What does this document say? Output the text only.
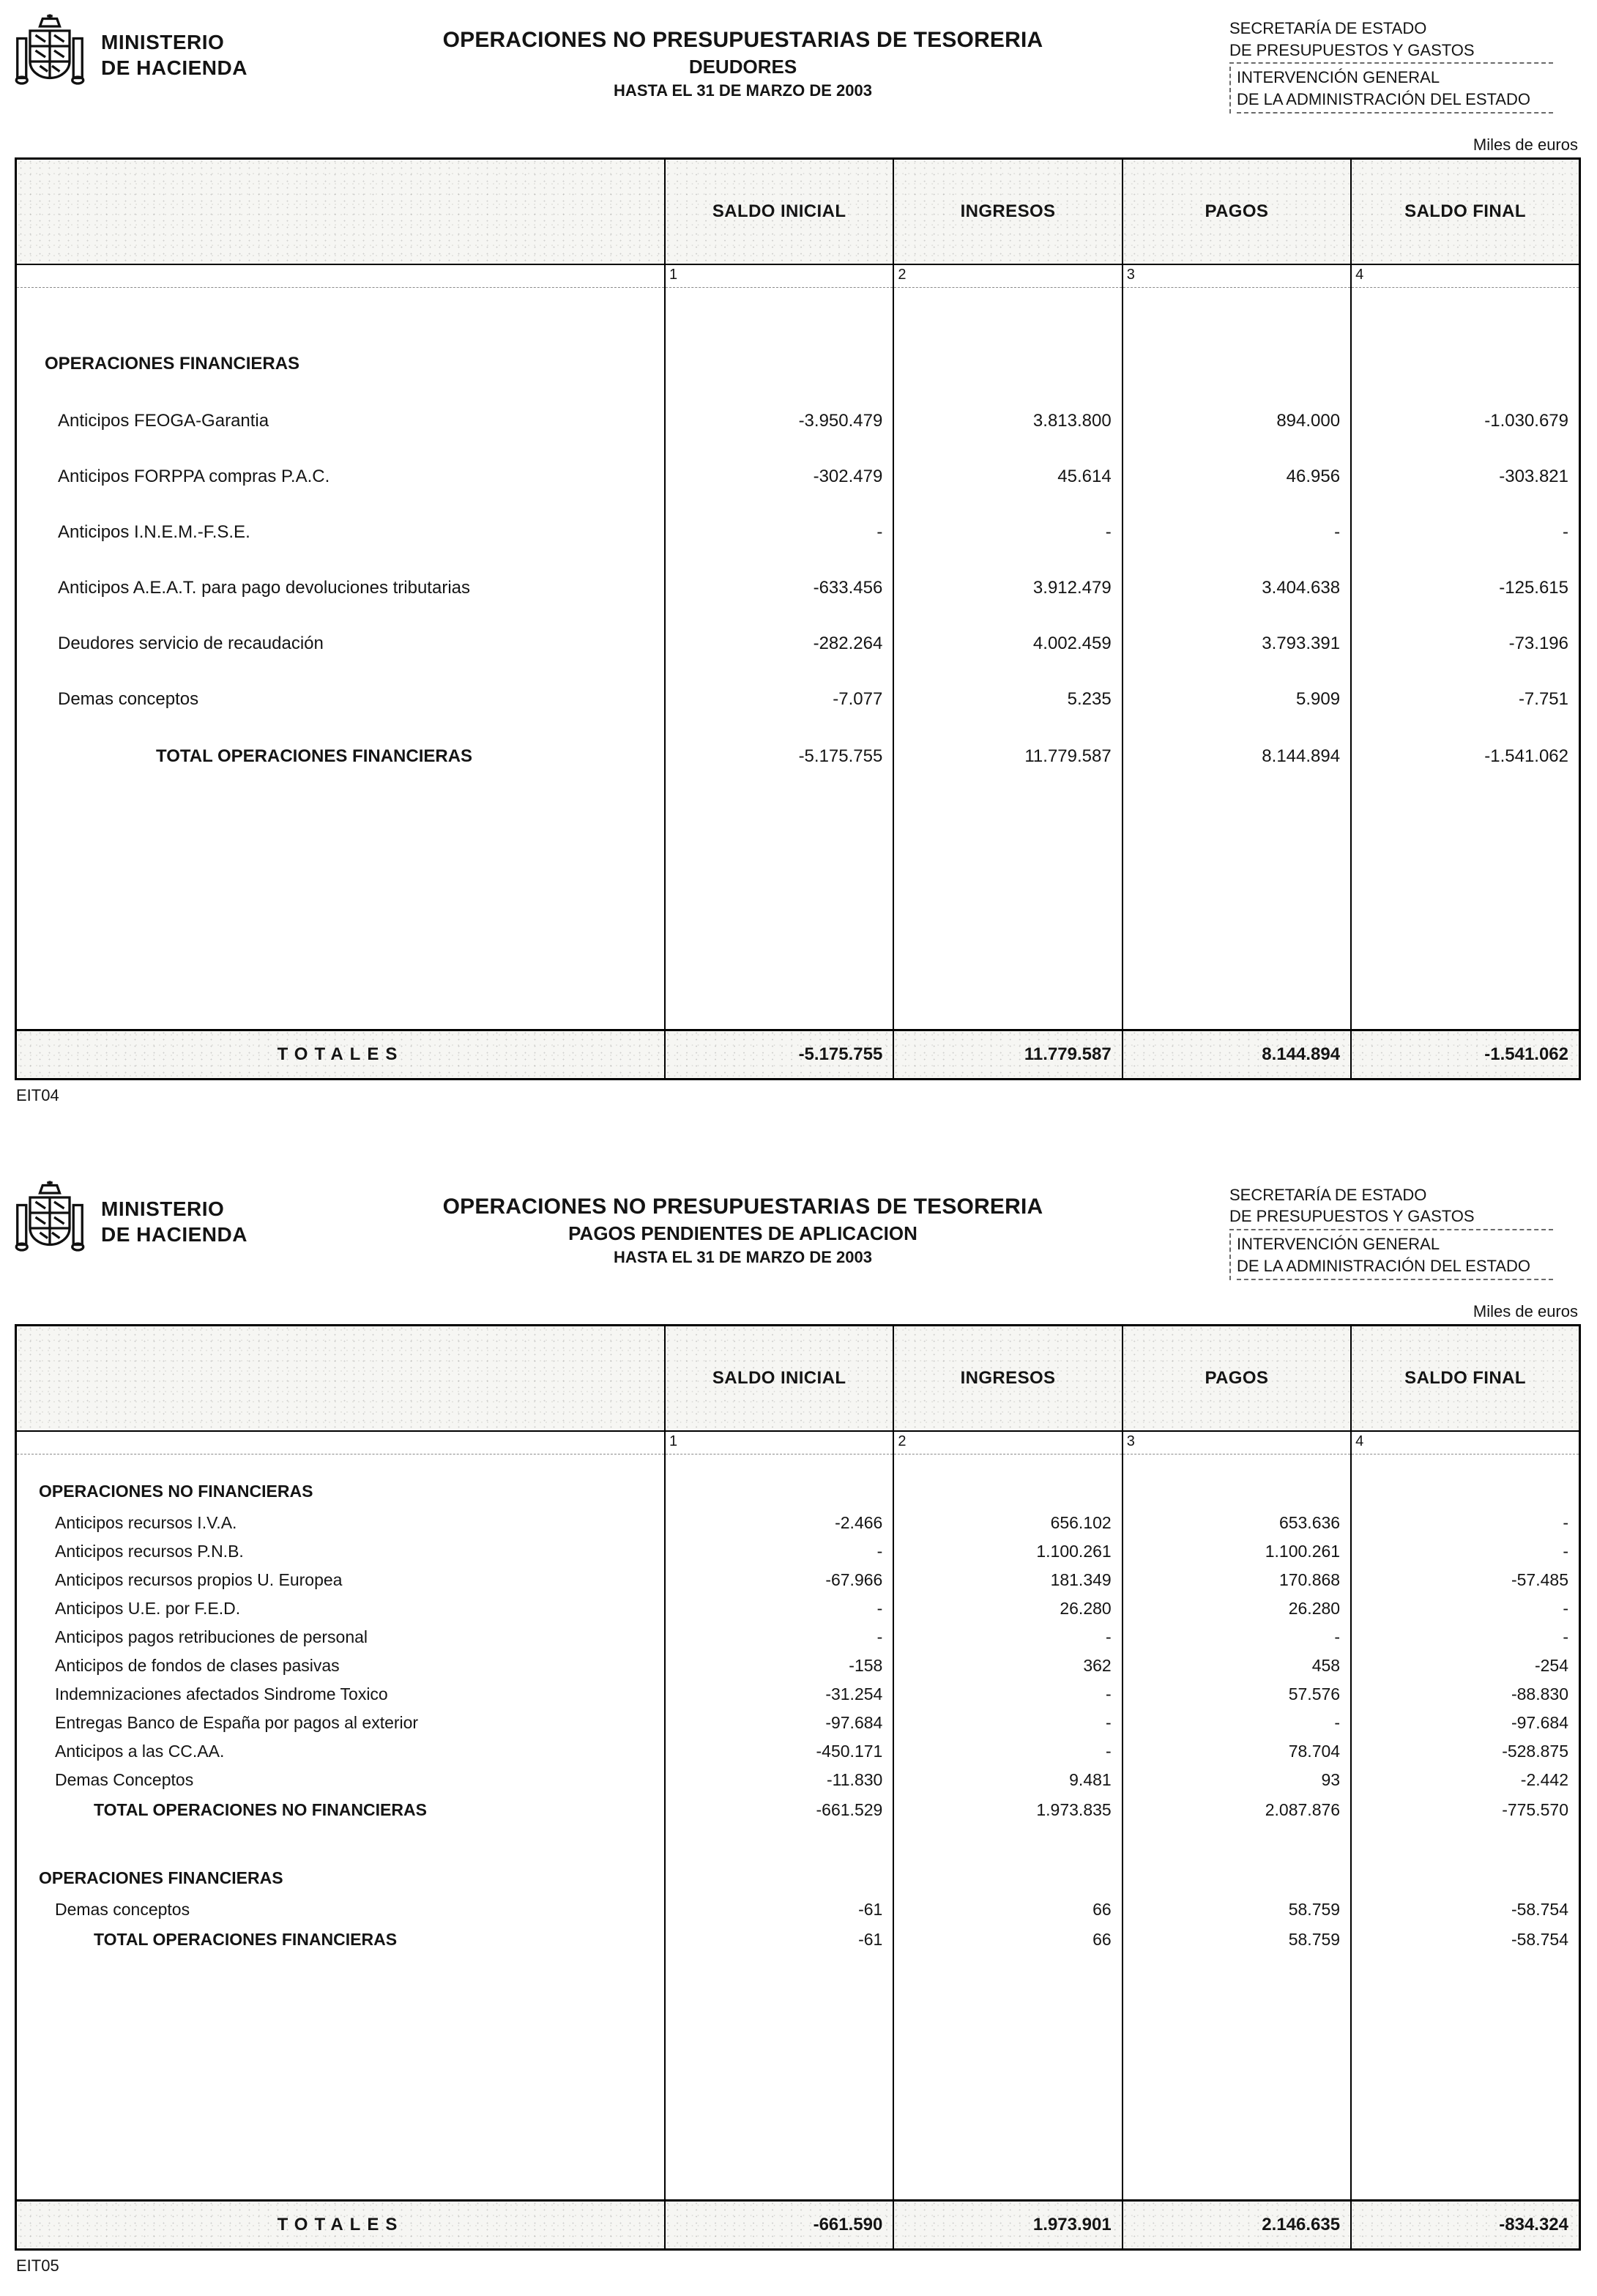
MINISTERIO
DE HACIENDA
OPERACIONES NO PRESUPUESTARIAS DE TESORERIA
DEUDORES
HASTA EL 31 DE MARZO DE 2003
SECRETARÍA DE ESTADO
DE PRESUPUESTOS Y GASTOS
INTERVENCIÓN GENERAL
DE LA ADMINISTRACIÓN DEL ESTADO
Miles de euros
	SALDO INICIAL	INGRESOS	PAGOS	SALDO FINAL
	1	2	3	4

OPERACIONES FINANCIERAS				
Anticipos FEOGA-Garantia	-3.950.479	3.813.800	894.000	-1.030.679
Anticipos FORPPA compras P.A.C.	-302.479	45.614	46.956	-303.821
Anticipos I.N.E.M.-F.S.E.	-	-	-	-
Anticipos A.E.A.T. para pago devoluciones tributarias	-633.456	3.912.479	3.404.638	-125.615
Deudores servicio de recaudación	-282.264	4.002.459	3.793.391	-73.196
Demas conceptos	-7.077	5.235	5.909	-7.751
TOTAL OPERACIONES FINANCIERAS	-5.175.755	11.779.587	8.144.894	-1.541.062

TOTALES	-5.175.755	11.779.587	8.144.894	-1.541.062
EIT04
MINISTERIO
DE HACIENDA
OPERACIONES NO PRESUPUESTARIAS DE TESORERIA
PAGOS PENDIENTES DE APLICACION
HASTA EL 31 DE MARZO DE 2003
SECRETARÍA DE ESTADO
DE PRESUPUESTOS Y GASTOS
INTERVENCIÓN GENERAL
DE LA ADMINISTRACIÓN DEL ESTADO
Miles de euros
	SALDO INICIAL	INGRESOS	PAGOS	SALDO FINAL
	1	2	3	4

OPERACIONES NO FINANCIERAS				
Anticipos recursos I.V.A.	-2.466	656.102	653.636	-
Anticipos recursos P.N.B.	-	1.100.261	1.100.261	-
Anticipos recursos propios U. Europea	-67.966	181.349	170.868	-57.485
Anticipos U.E. por F.E.D.	-	26.280	26.280	-
Anticipos pagos retribuciones de personal	-	-	-	-
Anticipos de fondos de clases pasivas	-158	362	458	-254
Indemnizaciones afectados Sindrome Toxico	-31.254	-	57.576	-88.830
Entregas Banco de España por pagos al exterior	-97.684	-	-	-97.684
Anticipos a las CC.AA.	-450.171	-	78.704	-528.875
Demas Conceptos	-11.830	9.481	93	-2.442
TOTAL OPERACIONES NO FINANCIERAS	-661.529	1.973.835	2.087.876	-775.570

OPERACIONES FINANCIERAS				
Demas conceptos	-61	66	58.759	-58.754
TOTAL OPERACIONES FINANCIERAS	-61	66	58.759	-58.754

TOTALES	-661.590	1.973.901	2.146.635	-834.324
EIT05
